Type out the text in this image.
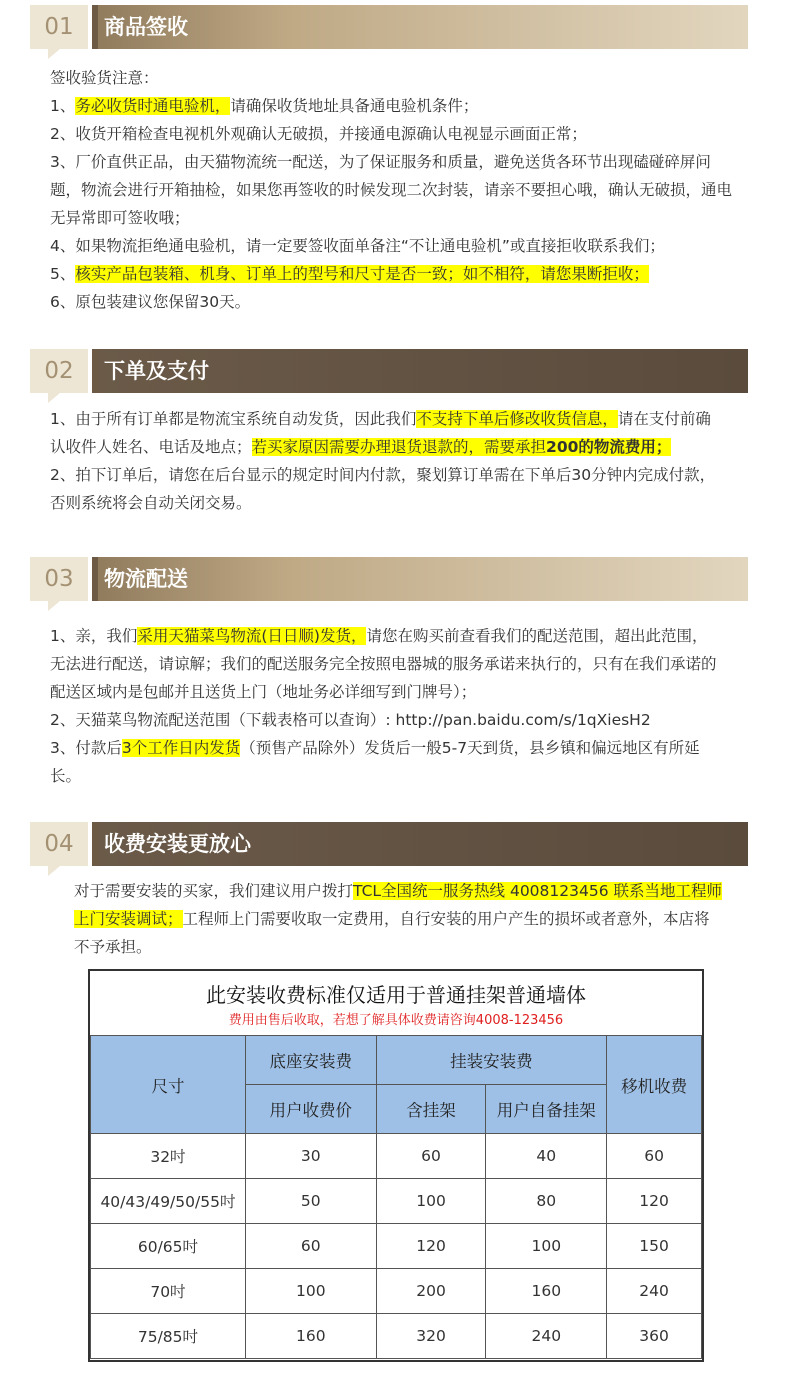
01	商品签收

签收验货注意：

1、务必收货时通电验机，请确保收货地址具备通电验机条件；

2、收货开箱检查电视机外观确认无破损，并接通电源确认电视显示画面正常；

3、厂价直供正品，由天猫物流统一配送，为了保证服务和质量，避免送货各环节出现磕碰碎屏问题，物流会进行开箱抽检，如果您再签收的时候发现二次封装，请亲不要担心哦，确认无破损，通电无异常即可签收哦；

4、如果物流拒绝通电验机，请一定要签收面单备注“不让通电验机”或直接拒收联系我们；

5、核实产品包装箱、机身、订单上的型号和尺寸是否一致；如不相符，请您果断拒收；

6、原包装建议您保留30天。

02	下单及支付

1、由于所有订单都是物流宝系统自动发货，因此我们不支持下单后修改收货信息，请在支付前确认收件人姓名、电话及地点；若买家原因需要办理退货退款的，需要承担200的物流费用；

2、拍下订单后，请您在后台显示的规定时间内付款，聚划算订单需在下单后30分钟内完成付款，否则系统将会自动关闭交易。

03	物流配送

1、亲，我们采用天猫菜鸟物流(日日顺)发货，请您在购买前查看我们的配送范围，超出此范围，无法进行配送，请谅解；我们的配送服务完全按照电器城的服务承诺来执行的，只有在我们承诺的配送区域内是包邮并且送货上门（地址务必详细写到门牌号）；

2、天猫菜鸟物流配送范围（下载表格可以查询）: http://pan.baidu.com/s/1qXiesH2

3、付款后3个工作日内发货（预售产品除外）发货后一般5-7天到货，县乡镇和偏远地区有所延长。

04	收费安装更放心

对于需要安装的买家，我们建议用户拨打TCL全国统一服务热线 4008123456 联系当地工程师上门安装调试；工程师上门需要收取一定费用，自行安装的用户产生的损坏或者意外，本店将不予承担。

此安装收费标准仅适用于普通挂架普通墙体
费用由售后收取，若想了解具体收费请咨询4008-123456
尺寸	底座安装费	挂装安装费		移机收费
	用户收费价	含挂架	用户自备挂架	
32吋	30	60	40	60
40/43/49/50/55吋	50	100	80	120
60/65吋	60	120	100	150
70吋	100	200	160	240
75/85吋	160	320	240	360
